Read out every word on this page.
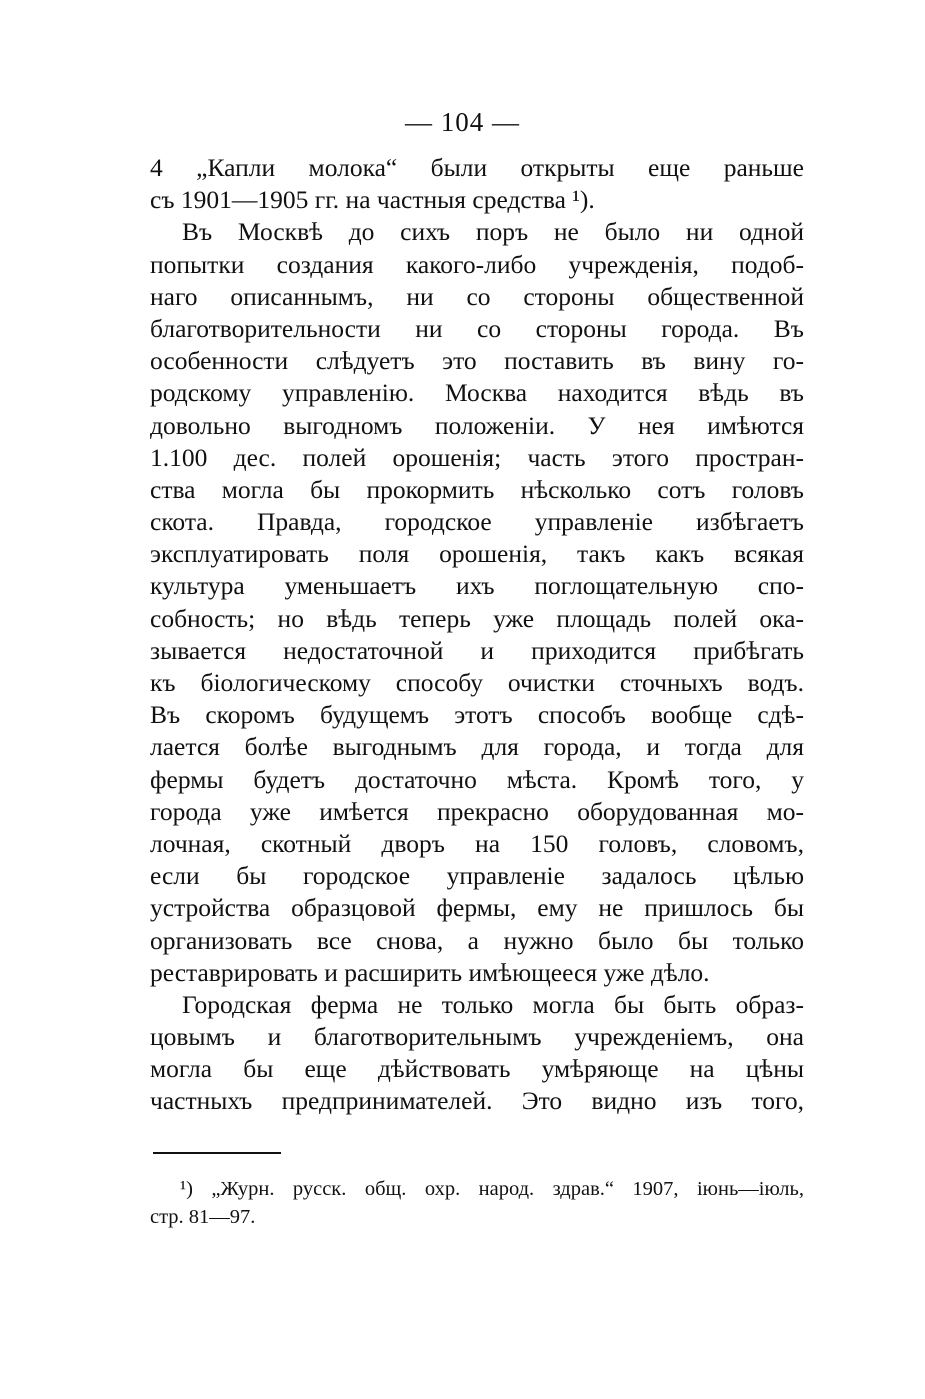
— 104 —
4 „Капли молока“ были открыты еще раньше
съ 1901—1905 гг. на частныя средства ¹).
Въ Москвѣ до сихъ поръ не было ни одной
попытки создания какого-либо учрежденія, подоб-
наго описаннымъ, ни со стороны общественной
благотворительности ни со стороны города. Въ
особенности слѣдуетъ это поставить въ вину го-
родскому управленію. Москва находится вѣдь въ
довольно выгодномъ положеніи. У нея имѣются
1.100 дес. полей орошенія; часть этого простран-
ства могла бы прокормить нѣсколько сотъ головъ
скота. Правда, городское управленіе избѣгаетъ
эксплуатировать поля орошенія, такъ какъ всякая
культура уменьшаетъ ихъ поглощательную спо-
собность; но вѣдь теперь уже площадь полей ока-
зывается недостаточной и приходится прибѣгать
къ біологическому способу очистки сточныхъ водъ.
Въ скоромъ будущемъ этотъ способъ вообще сдѣ-
лается болѣе выгоднымъ для города, и тогда для
фермы будетъ достаточно мѣста. Кромѣ того, у
города уже имѣется прекрасно оборудованная мо-
лочная, скотный дворъ на 150 головъ, словомъ,
если бы городское управленіе задалось цѣлью
устройства образцовой фермы, ему не пришлось бы
организовать все снова, а нужно было бы только
реставрировать и расширить имѣющееся уже дѣло.
Городская ферма не только могла бы быть образ-
цовымъ и благотворительнымъ учрежденіемъ, она
могла бы еще дѣйствовать умѣряюще на цѣны
частныхъ предпринимателей. Это видно изъ того,
¹) „Журн. русск. общ. охр. народ. здрав.“ 1907, іюнь—іюль,
стр. 81—97.
